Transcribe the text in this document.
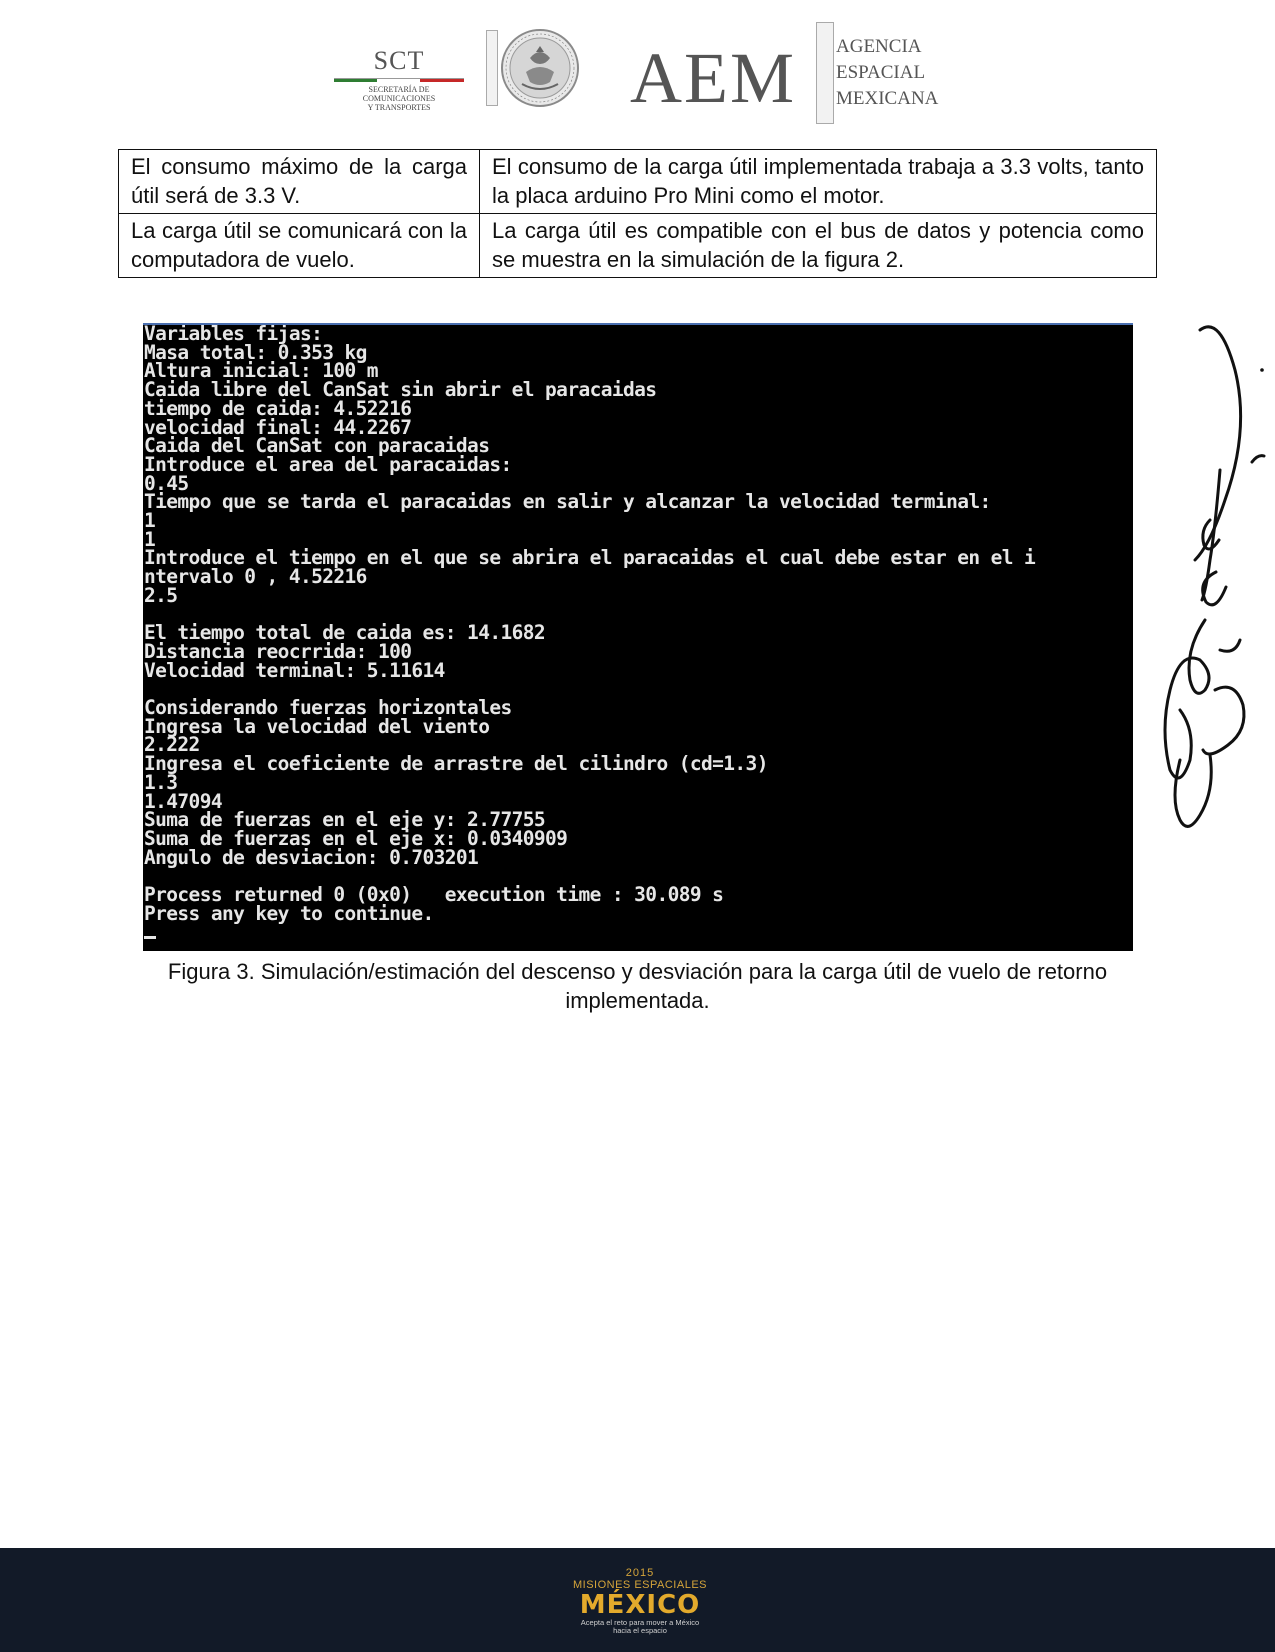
SCT
SECRETARÍA DE
COMUNICACIONES
Y TRANSPORTES	AEM AGENCIA
ESPACIAL
MEXICANA
El consumo máximo de la carga útil será de 3.3 V.	El consumo de la carga útil implementada trabaja a 3.3 volts, tanto la placa arduino Pro Mini como el motor.
La carga útil se comunicará con la computadora de vuelo.	La carga útil es compatible con el bus de datos y potencia como se muestra en la simulación de la figura 2.
Variables fijas:
Masa total: 0.353 kg
Altura inicial: 100 m
Caida libre del CanSat sin abrir el paracaidas
tiempo de caida: 4.52216
velocidad final: 44.2267
Caida del CanSat con paracaidas
Introduce el area del paracaidas:
0.45
Tiempo que se tarda el paracaidas en salir y alcanzar la velocidad terminal:
1
1
Introduce el tiempo en el que se abrira el paracaidas el cual debe estar en el i
ntervalo 0 , 4.52216
2.5

El tiempo total de caida es: 14.1682
Distancia reocrrida: 100
Velocidad terminal: 5.11614

Considerando fuerzas horizontales
Ingresa la velocidad del viento
2.222
Ingresa el coeficiente de arrastre del cilindro (cd=1.3)
1.3
1.47094
Suma de fuerzas en el eje y: 2.77755
Suma de fuerzas en el eje x: 0.0340909
Angulo de desviacion: 0.703201

Process returned 0 (0x0)   execution time : 30.089 s
Press any key to continue.

Figura 3. Simulación/estimación del descenso y desviación para la carga útil de vuelo de retorno implementada.
2015
MISIONES ESPACIALES
MÉXICO
Acepta el reto para mover a México
hacia el espacio
